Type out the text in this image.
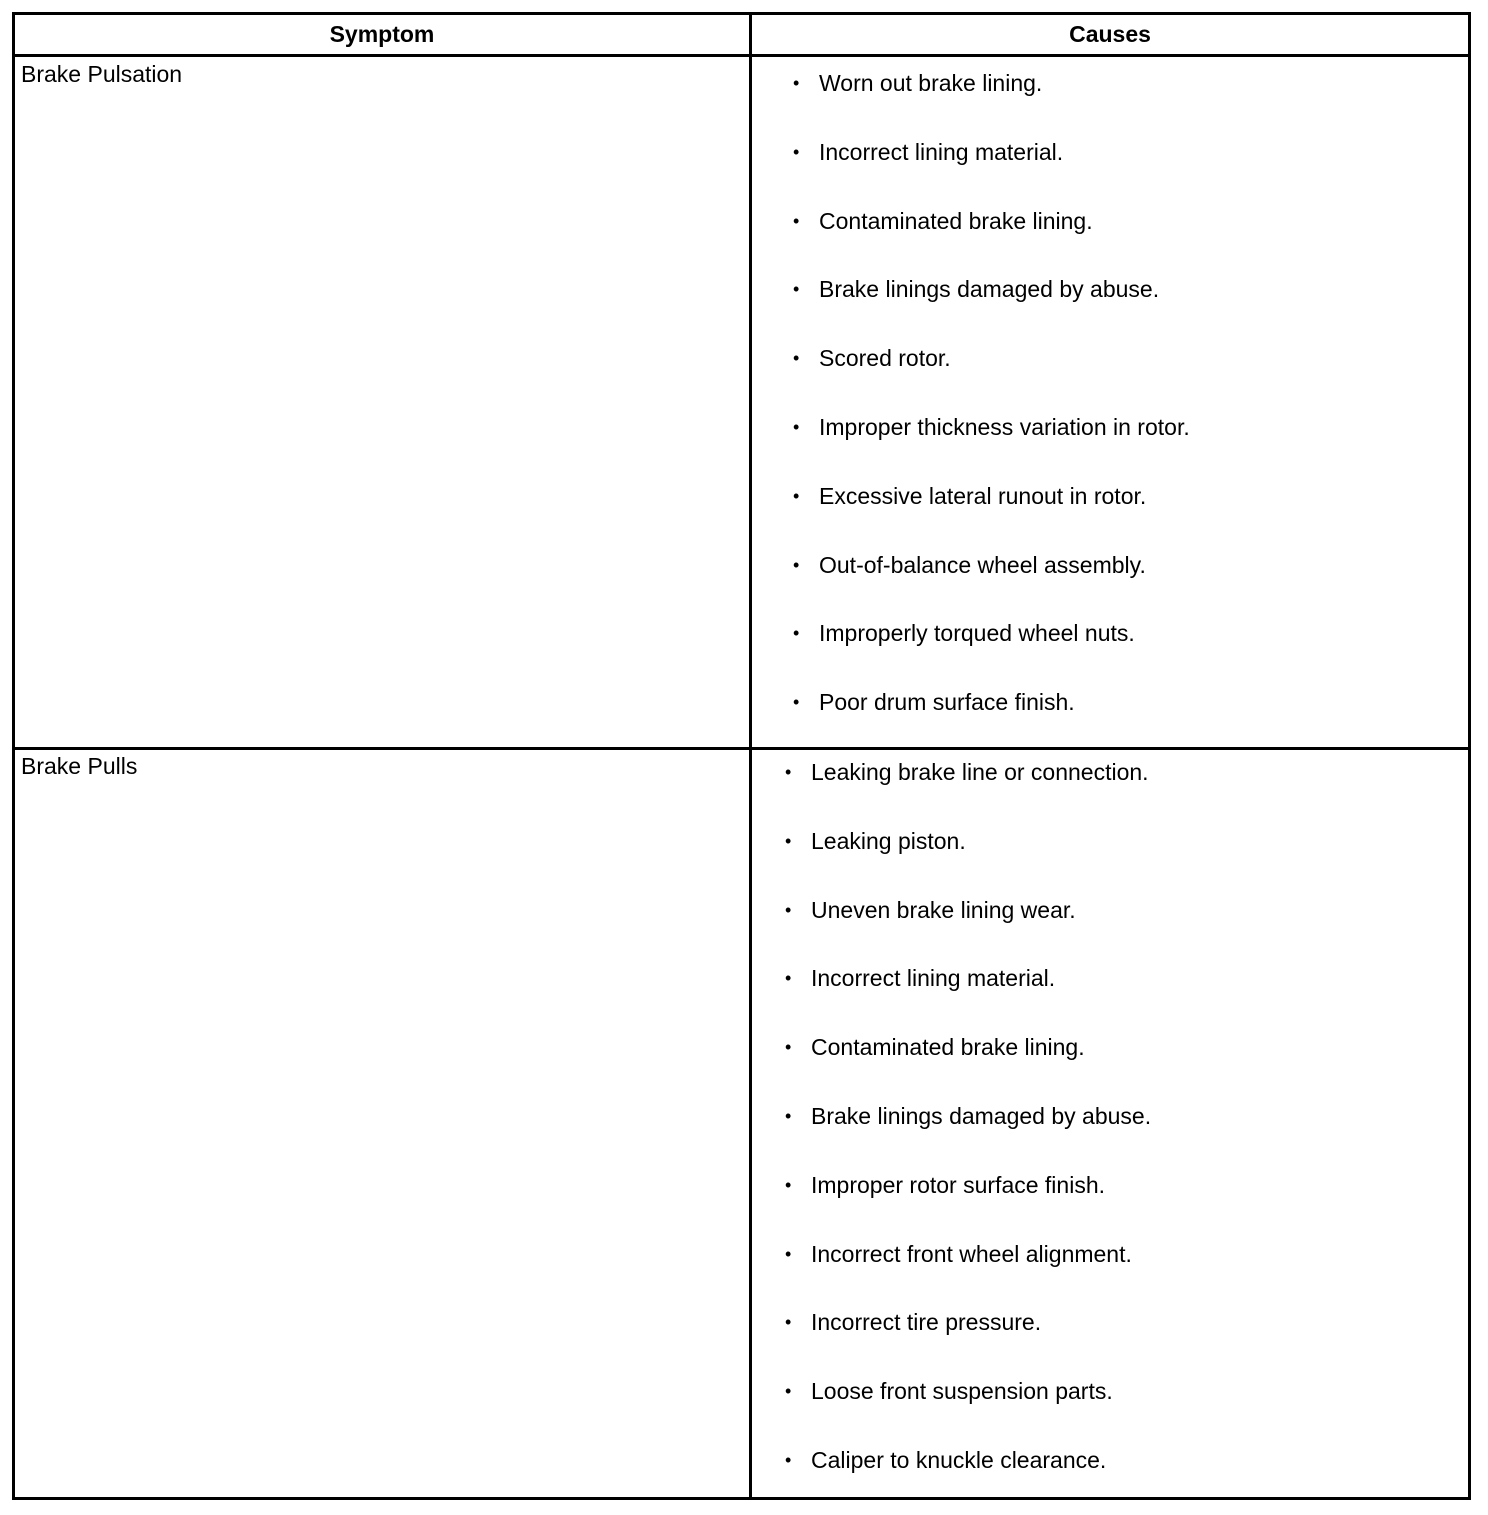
Symptom	Causes
Brake Pulsation	• Worn out brake lining.
• Incorrect lining material.
• Contaminated brake lining.
• Brake linings damaged by abuse.
• Scored rotor.
• Improper thickness variation in rotor.
• Excessive lateral runout in rotor.
• Out-of-balance wheel assembly.
• Improperly torqued wheel nuts.
• Poor drum surface finish.
Brake Pulls	• Leaking brake line or connection.
• Leaking piston.
• Uneven brake lining wear.
• Incorrect lining material.
• Contaminated brake lining.
• Brake linings damaged by abuse.
• Improper rotor surface finish.
• Incorrect front wheel alignment.
• Incorrect tire pressure.
• Loose front suspension parts.
• Caliper to knuckle clearance.
